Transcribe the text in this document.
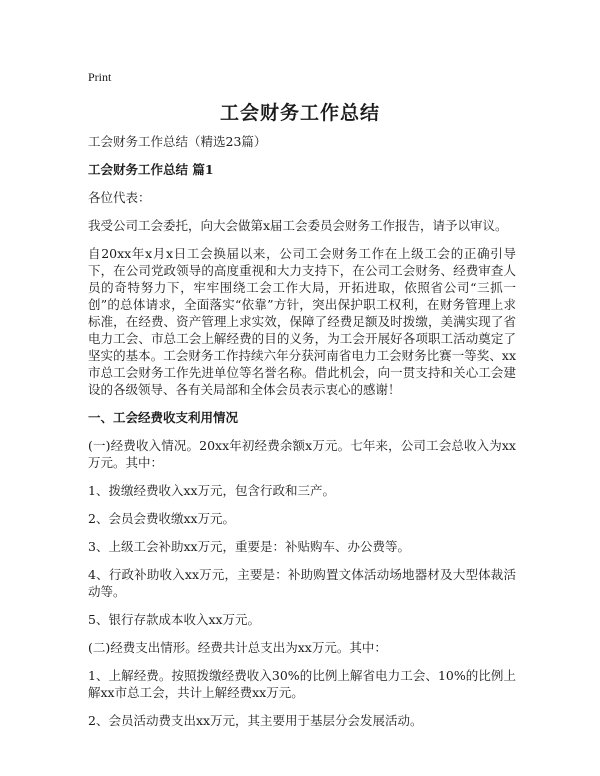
Print
工会财务工作总结

工会财务工作总结（精选23篇）

工会财务工作总结 篇1

各位代表：

我受公司工会委托，向大会做第x届工会委员会财务工作报告，请予以审议。

自20xx年x月x日工会换届以来，公司工会财务工作在上级工会的正确引导下，在公司党政领导的高度重视和大力支持下，在公司工会财务、经费审查人员的奇特努力下，牢牢围绕工会工作大局，开拓进取，依照省公司“三抓一创”的总体请求，全面落实“依靠”方针，突出保护职工权利，在财务管理上求标准，在经费、资产管理上求实效，保障了经费足额及时拨缴，美满实现了省电力工会、市总工会上解经费的目的义务，为工会开展好各项职工活动奠定了坚实的基本。工会财务工作持续六年分获河南省电力工会财务比赛一等奖、xx市总工会财务工作先进单位等名誉名称。借此机会，向一贯支持和关心工会建设的各级领导、各有关局部和全体会员表示衷心的感谢！

一、工会经费收支利用情况

(一)经费收入情况。20xx年初经费余额x万元。七年来，公司工会总收入为xx万元。其中：

1、拨缴经费收入xx万元，包含行政和三产。

2、会员会费收缴xx万元。

3、上级工会补助xx万元，重要是：补贴购车、办公费等。

4、行政补助收入xx万元，主要是：补助购置文体活动场地器材及大型体裁活动等。

5、银行存款成本收入xx万元。

(二)经费支出情形。经费共计总支出为xx万元。其中：

1、上解经费。按照拨缴经费收入30%的比例上解省电力工会、10%的比例上解xx市总工会，共计上解经费xx万元。

2、会员活动费支出xx万元，其主要用于基层分会发展活动。
